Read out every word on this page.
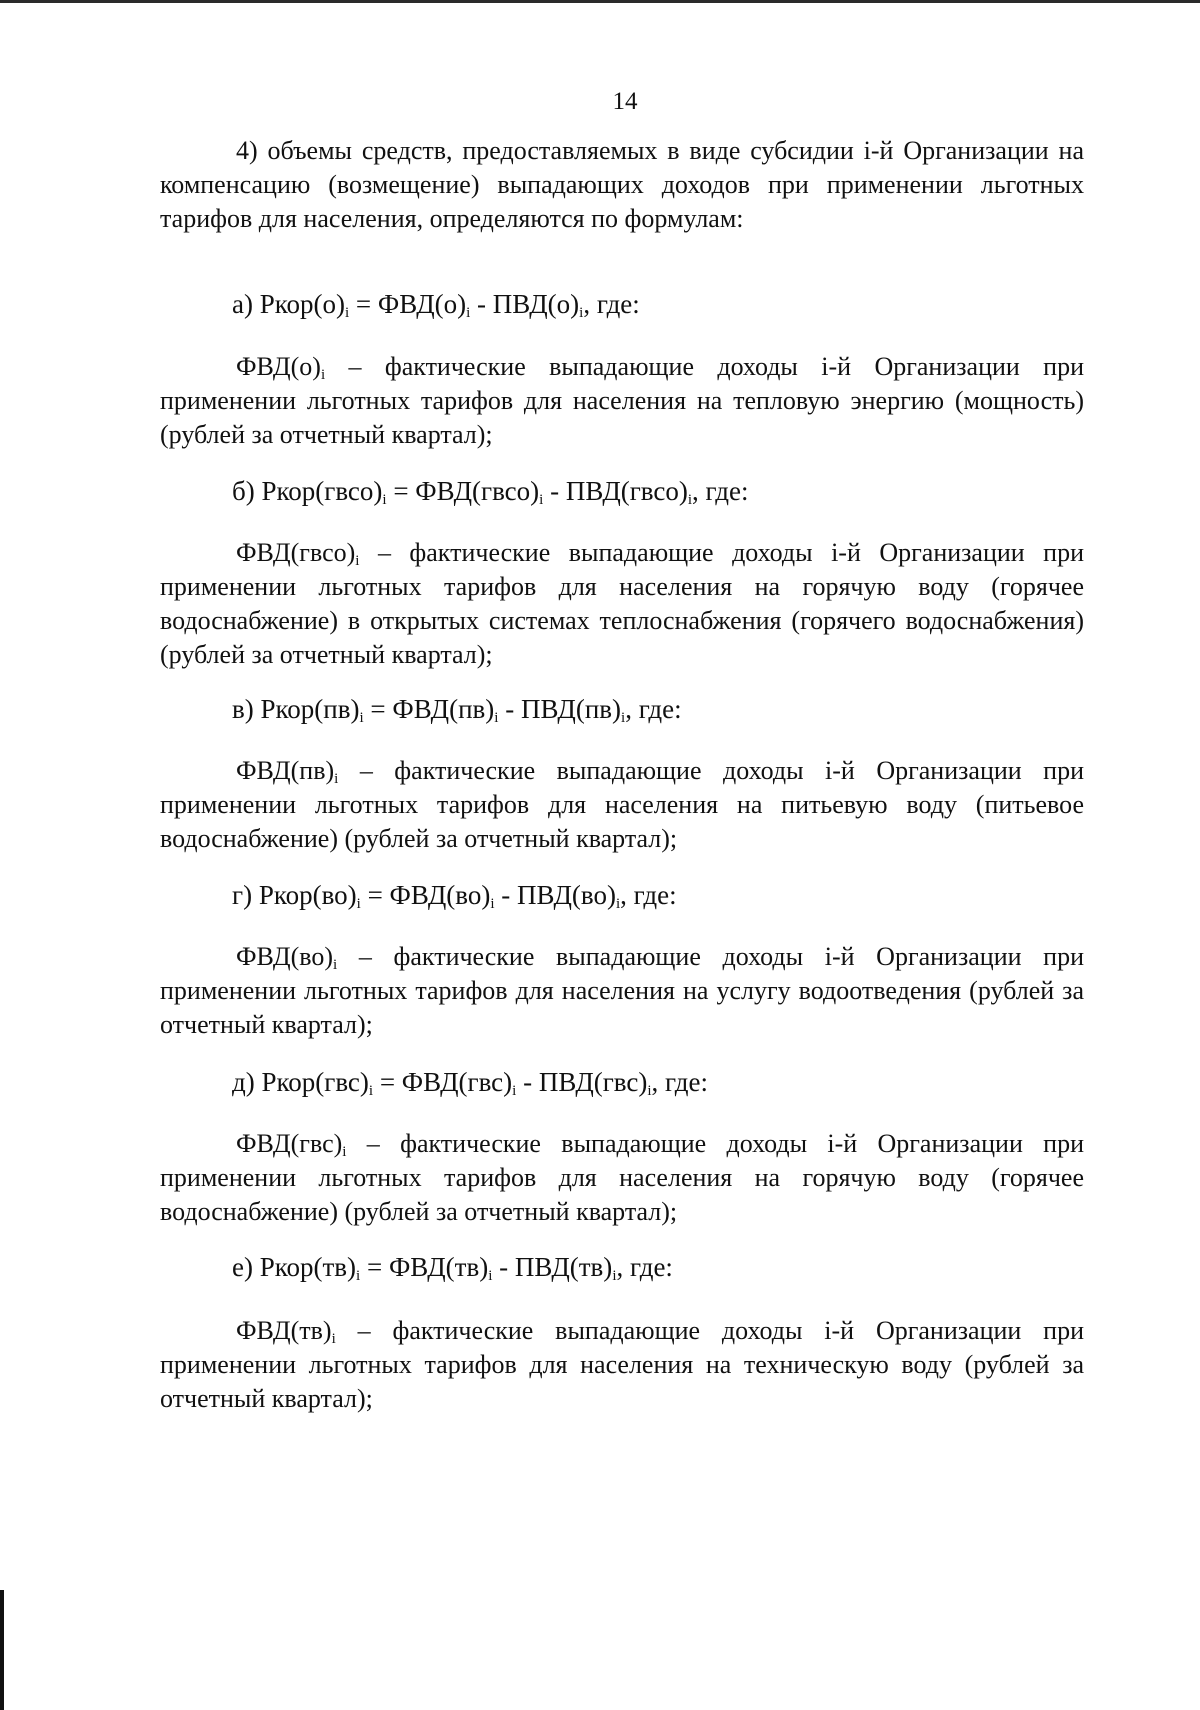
14

4) объемы средств, предоставляемых в виде субсидии i-й Организации на компенсацию (возмещение) выпадающих доходов при применении льготных тарифов для населения, определяются по формулам:

а) $Ркор(о)_i = ФВД(о)_i - ПВД(о)_i$, где:

$ФВД(о)_i$ – фактические выпадающие доходы i-й Организации при применении льготных тарифов для населения на тепловую энергию (мощность) (рублей за отчетный квартал);

б) $Ркор(гвсо)_i$ = $ФВД(гвсо)_i$ - $ПВД(гвсо)_i$, где:

$ФВД(гвсо)_i$ – фактические выпадающие доходы i-й Организации при применении льготных тарифов для населения на горячую воду (горячее водоснабжение) в открытых системах теплоснабжения (горячего водоснабжения) (рублей за отчетный квартал);

в) $Ркор(пв)_i = ФВД(пв)_i - ПВД(пв)_i$, где:

$ФВД(пв)_i$ – фактические выпадающие доходы i-й Организации при применении льготных тарифов для населения на питьевую воду (питьевое водоснабжение) (рублей за отчетный квартал);

г) $Ркор(во)_i = ФВД(во)_i - ПВД(во)_i$, где:

$ФВД(во)_i$ – фактические выпадающие доходы i-й Организации при применении льготных тарифов для населения на услугу водоотведения (рублей за отчетный квартал);

д) $Ркор(гвс)_i = ФВД(гвс)_i - ПВД(гвс)_i$, где:

$ФВД(гвс)_i$ – фактические выпадающие доходы i-й Организации при применении льготных тарифов для населения на горячую воду (горячее водоснабжение) (рублей за отчетный квартал);

е) $Ркор(тв)_i = ФВД(тв)_i - ПВД(тв)_i$, где:

$ФВД(тв)_i$ – фактические выпадающие доходы i-й Организации при применении льготных тарифов для населения на техническую воду (рублей за отчетный квартал);
